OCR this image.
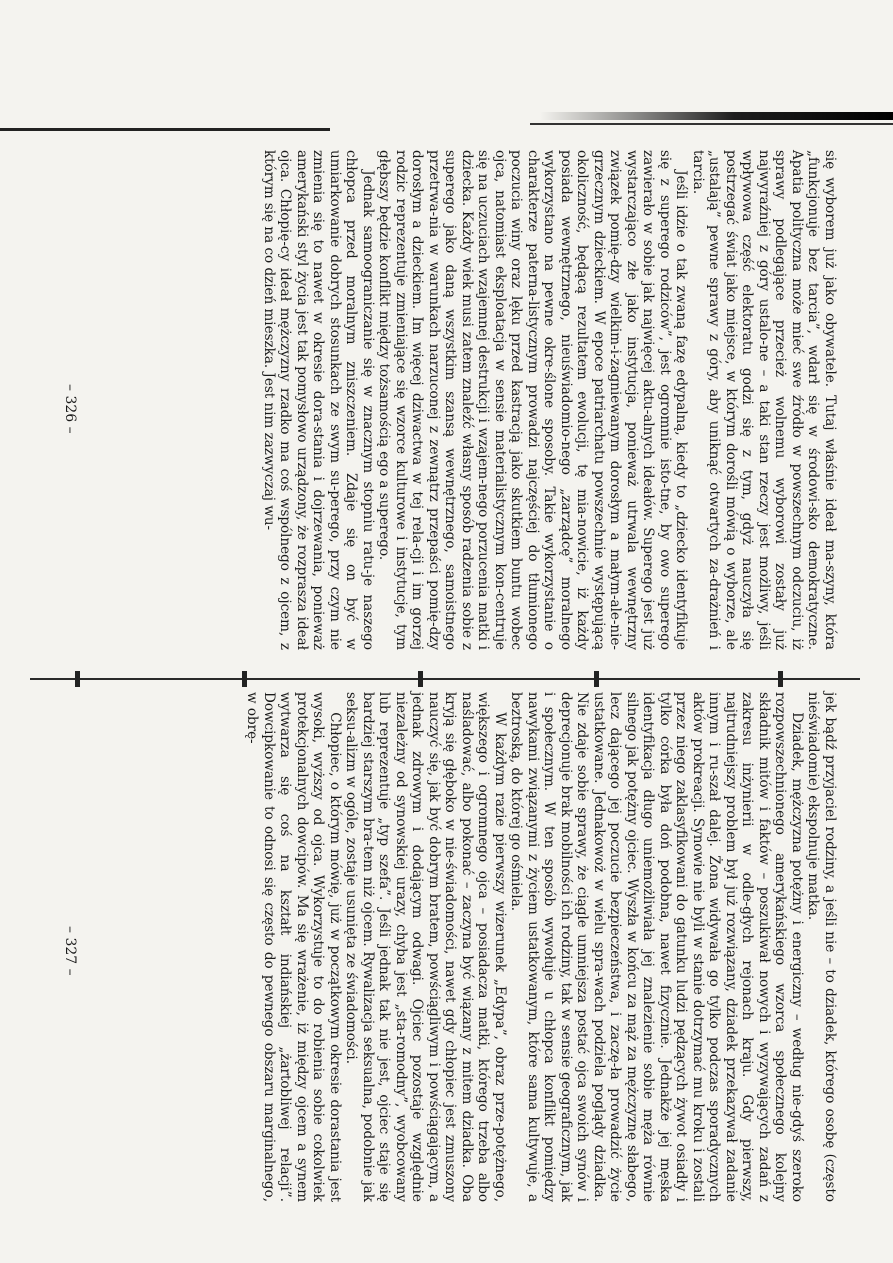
się wyborem już jako obywatele. Tutaj właśnie ideał ma-szyny, która „funkcjonuje bez tarcia”, wdarł się w środowi-sko demokratyczne. Apatia polityczna może mieć swe źródło w powszechnym odczuciu, iż sprawy podlegające przecież wolnemu wyborowi zostały już najwyraźniej z góry ustalo-ne – a taki stan rzeczy jest możliwy, jeśli wpływowa część elektoratu godzi się z tym, gdyż nauczyła się postrzegać świat jako miejsce, w którym dorośli mówią o wyborze, ale „ustalają” pewne sprawy z góry, aby uniknąć otwartych za-drażnień i tarcia.

Jeśli idzie o tak zwaną fazę edypalną, kiedy to „dziecko identyfikuje się z superego rodziców”, jest ogromnie isto-tne, by owo superego zawierało w sobie jak najwięcej aktu-alnych ideałów. Superego jest już wystarczająco złe jako instytucja, ponieważ utrwala wewnętrzny związek pomię-dzy wielkim-i-zagniewanym dorosłym a małym-ale-nie-grzecznym dzieckiem. W epoce patriarchatu powszechnie występującą okoliczność, będącą rezultatem ewolucji, tę mia-nowicie, iż każdy posiada wewnętrznego, nieuświadomio-nego „zarządcę” moralnego wykorzystano na pewne okre-ślone sposoby. Takie wykorzystanie o charakterze paterna-listycznym prowadzi najczęściej do tłumionego poczucia winy oraz lęku przed kastracją jako skutkiem buntu wobec ojca, natomiast eksploatacja w sensie materialistycznym kon-centruje się na uczuciach wzajemnej destrukcji i wzajem-nego porzucenia matki i dziecka. Każdy wiek musi zatem znaleźć własny sposób radzenia sobie z superego jako daną wszystkim szansą wewnętrznego, samoistnego przetrwa-nia w warunkach narzuconej z zewnątrz przepaści pomię-dzy dorosłym a dzieckiem. Im więcej dziwactwa w tej rela-cji i im gorzej rodzic reprezentuje zmieniające się wzorce kulturowe i instytucje, tym głębszy będzie konflikt między tożsamością ego a superego.

Jednak samoograniczanie się w znacznym stopniu ratu-je naszego chłopca przed moralnym zniszczeniem. Zdaje się on być w umiarkowanie dobrych stosunkach ze swym su-perego, przy czym nie zmienia się to nawet w okresie dora-stania i dojrzewania, ponieważ amerykański styl życia jest tak pomysłowo urządzony, że rozprasza ideał ojca. Chłopię-cy ideał mężczyzny rzadko ma coś wspólnego z ojcem, z którym się na co dzień mieszka. Jest nim zazwyczaj wu-

– 326 –

jek bądź przyjaciel rodziny, a jeśli nie – to dziadek, którego osobę (często nieświadomie) ekspolnuje matka.

Dziadek, mężczyzna potężny i energiczny – według nie-gdyś szeroko rozpowszechnionego amerykańskiego wzorca społecznego kolejny składnik mitów i faktów – poszukiwał nowych i wyzywających zadań z zakresu inżynierii w odle-głych rejonach kraju. Gdy pierwszy, najtrudniejszy problem był już rozwiązany, dziadek przekazywał zadanie innym i ru-szał dalej. Żona widywała go tylko podczas sporadycznych aktów prokreacji. Synowie nie byli w stanie dotrzymać mu kroku i zostali przez niego zaklasyfikowani do gatunku ludzi pędzących żywot osiadły i tylko córka była doń podobna, nawet fizycznie. Jednakże jej męska identyfikacja długo uniemożliwiała jej znalezienie sobie męża równie silnego jak potężny ojciec. Wyszła w końcu za mąż za mężczyznę słabego, lecz dającego jej poczucie bezpieczeństwa, i zaczę-ła prowadzić życie ustatkowane. Jednakowoż w wielu spra-wach podziela poglądy dziadka. Nie zdaje sobie sprawy, że ciągle umniejsza postać ojca swoich synów i deprecjonuje brak mobilności ich rodziny, tak w sensie geograficznym, jak i społecznym. W ten sposób wywołuje u chłopca konflikt pomiędzy nawykami związanymi z życiem ustatkowanym, które sama kultywuje, a beztroską, do której go ośmiela.

W każdym razie pierwszy wizerunek „Edypa”, obraz prze-potężnego, większego i ogromnego ojca – posiadacza matki, którego trzeba albo naśladować, albo pokonać – zaczyna być wiązany z mitem dziadka. Oba kryją się głęboko w nie-świadomości, nawet gdy chłopiec jest zmuszony nauczyć się, jak być dobrym bratem, powściągliwym i powściągającym, a jednak zdrowym i dodającym odwagi. Ojciec pozostaje względnie niezależny od synowskiej urazy, chyba jest „sta-romodny”, wyobcowany lub reprezentuje „typ szefa”. Jeśli jednak tak nie jest, ojciec staje się bardziej starszym bra-tem niż ojcem. Rywalizacja seksualna, podobnie jak seksu-alizm w ogóle, zostaje usunięta ze świadomości.

Chłopiec, o którym mówię, już w początkowym okresie dorastania jest wysoki, wyższy od ojca. Wykorzystuje to do robienia sobie cokolwiek protekcjonalnych dowcipów. Ma się wrażenie, iż między ojcem a synem wytwarza się coś na kształt indiańskiej „żartobliwej relacji”. Dowcipkowanie to odnosi się często do pewnego obszaru marginalnego, w obrę-

– 327 –
